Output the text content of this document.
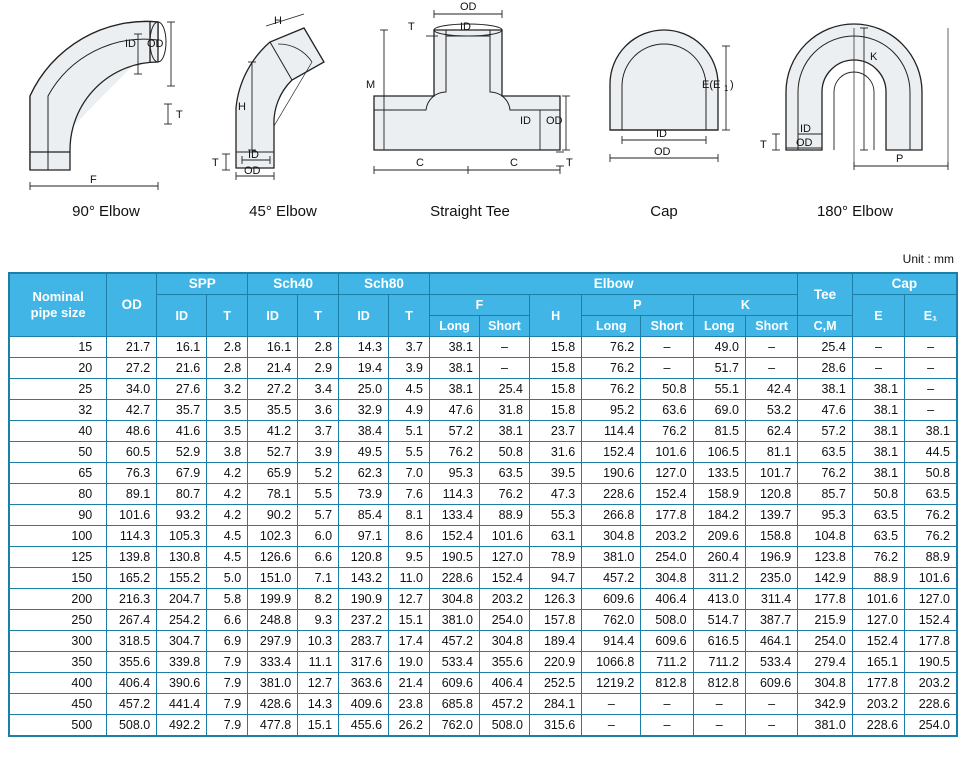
ID OD
T
F
90° Elbow
H
H
T
ID
OD
45° Elbow
OD
ID
T
M
ID OD
C	C	T
Straight Tee
E(E 1 )
ID
OD
Cap
K
T
ID
OD
P
180° Elbow
Unit : mm
Nominal
pipe size	OD	SPP		Sch40		Sch80		Elbow							Tee	Cap	
		ID	T	ID	T	ID	T	F		H	P		K			E	E₁
								Long	Short		Long	Short	Long	Short	C,M		
15	21.7	16.1	2.8	16.1	2.8	14.3	3.7	38.1	–	15.8	76.2	–	49.0	–	25.4	–	–
20	27.2	21.6	2.8	21.4	2.9	19.4	3.9	38.1	–	15.8	76.2	–	51.7	–	28.6	–	–
25	34.0	27.6	3.2	27.2	3.4	25.0	4.5	38.1	25.4	15.8	76.2	50.8	55.1	42.4	38.1	38.1	–
32	42.7	35.7	3.5	35.5	3.6	32.9	4.9	47.6	31.8	15.8	95.2	63.6	69.0	53.2	47.6	38.1	–
40	48.6	41.6	3.5	41.2	3.7	38.4	5.1	57.2	38.1	23.7	114.4	76.2	81.5	62.4	57.2	38.1	38.1
50	60.5	52.9	3.8	52.7	3.9	49.5	5.5	76.2	50.8	31.6	152.4	101.6	106.5	81.1	63.5	38.1	44.5
65	76.3	67.9	4.2	65.9	5.2	62.3	7.0	95.3	63.5	39.5	190.6	127.0	133.5	101.7	76.2	38.1	50.8
80	89.1	80.7	4.2	78.1	5.5	73.9	7.6	114.3	76.2	47.3	228.6	152.4	158.9	120.8	85.7	50.8	63.5
90	101.6	93.2	4.2	90.2	5.7	85.4	8.1	133.4	88.9	55.3	266.8	177.8	184.2	139.7	95.3	63.5	76.2
100	114.3	105.3	4.5	102.3	6.0	97.1	8.6	152.4	101.6	63.1	304.8	203.2	209.6	158.8	104.8	63.5	76.2
125	139.8	130.8	4.5	126.6	6.6	120.8	9.5	190.5	127.0	78.9	381.0	254.0	260.4	196.9	123.8	76.2	88.9
150	165.2	155.2	5.0	151.0	7.1	143.2	11.0	228.6	152.4	94.7	457.2	304.8	311.2	235.0	142.9	88.9	101.6
200	216.3	204.7	5.8	199.9	8.2	190.9	12.7	304.8	203.2	126.3	609.6	406.4	413.0	311.4	177.8	101.6	127.0
250	267.4	254.2	6.6	248.8	9.3	237.2	15.1	381.0	254.0	157.8	762.0	508.0	514.7	387.7	215.9	127.0	152.4
300	318.5	304.7	6.9	297.9	10.3	283.7	17.4	457.2	304.8	189.4	914.4	609.6	616.5	464.1	254.0	152.4	177.8
350	355.6	339.8	7.9	333.4	11.1	317.6	19.0	533.4	355.6	220.9	1066.8	711.2	711.2	533.4	279.4	165.1	190.5
400	406.4	390.6	7.9	381.0	12.7	363.6	21.4	609.6	406.4	252.5	1219.2	812.8	812.8	609.6	304.8	177.8	203.2
450	457.2	441.4	7.9	428.6	14.3	409.6	23.8	685.8	457.2	284.1	–	–	–	–	342.9	203.2	228.6
500	508.0	492.2	7.9	477.8	15.1	455.6	26.2	762.0	508.0	315.6	–	–	–	–	381.0	228.6	254.0
